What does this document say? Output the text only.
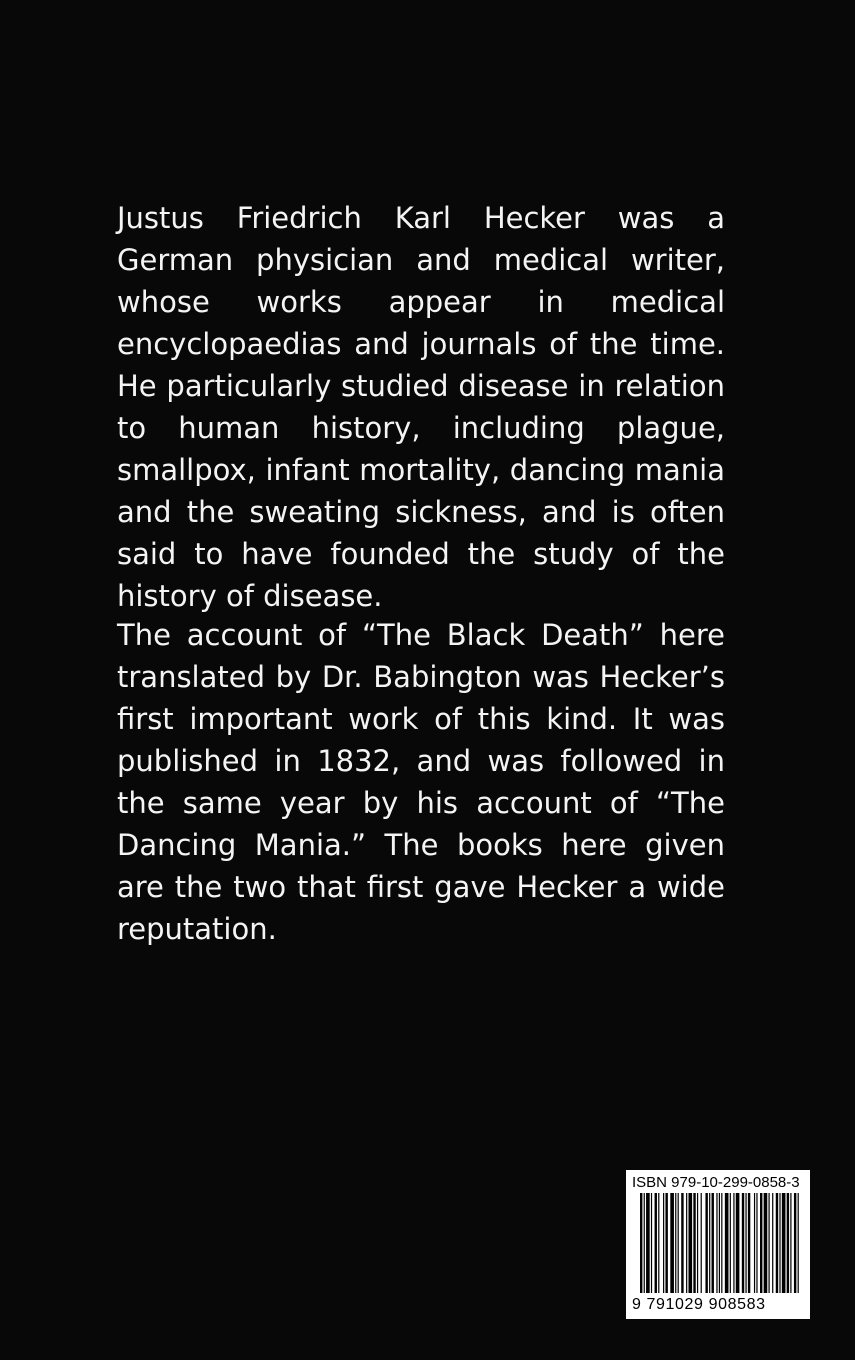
Justus Friedrich Karl Hecker was a German physician and medical writer, whose works appear in medical encyclopaedias and journals of the time. He particularly studied disease in relation to human history, including plague, smallpox, infant mortality, dancing mania and the sweating sickness, and is often said to have founded the study of the history of disease.

The account of “The Black Death” here translated by Dr. Babington was Hecker’s first important work of this kind. It was published in 1832, and was followed in the same year by his account of “The Dancing Mania.” The books here given are the two that first gave Hecker a wide reputation.

ISBN 979-10-299-0858-3
9 791029 908583
